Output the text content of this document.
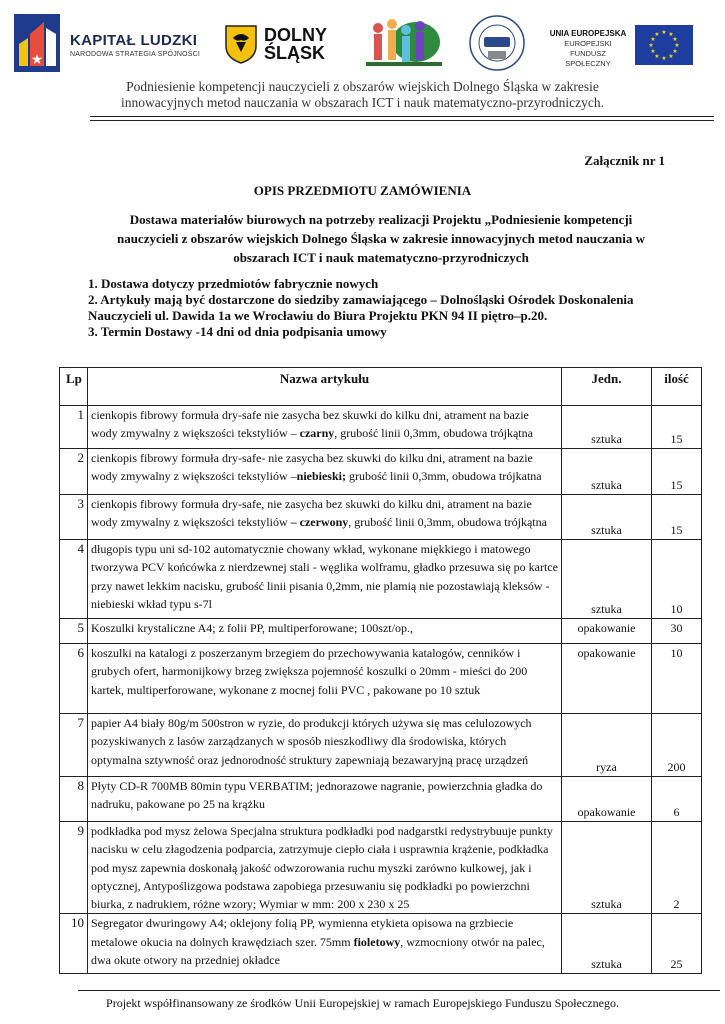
★
KAPITAŁ LUDZKI
NARODOWA STRATEGIA SPÓJNOŚCI
DOLNY
ŚLĄSK
UNIA EUROPEJSKA
EUROPEJSKI
FUNDUSZ SPOŁECZNY
★ ★
★
★
★
★
★
★
★
★
★
★
Podniesienie kompetencji nauczycieli z obszarów wiejskich Dolnego Śląska w zakresie
innowacyjnych metod nauczania w obszarach ICT i nauk matematyczno-przyrodniczych.
Załącznik nr 1
OPIS PRZEDMIOTU ZAMÓWIENIA
Dostawa materiałów biurowych na potrzeby realizacji Projektu „Podniesienie kompetencji nauczycieli z obszarów wiejskich Dolnego Śląska w zakresie innowacyjnych metod nauczania w obszarach ICT i nauk matematyczno-przyrodniczych
1. Dostawa dotyczy przedmiotów fabrycznie nowych
2. Artykuły mają być dostarczone do siedziby zamawiającego – Dolnośląski Ośrodek Doskonalenia Nauczycieli ul. Dawida 1a we Wrocławiu do Biura Projektu PKN 94 II piętro–p.20.
3. Termin Dostawy -14 dni od dnia podpisania umowy
Lp	Nazwa artykułu	Jedn.	ilość
1	cienkopis fibrowy formuła dry-safe nie zasycha bez skuwki do kilku dni, atrament na bazie wody zmywalny z większości tekstyliów – czarny, grubość linii 0,3mm, obudowa trójkątna	sztuka	15
2	cienkopis fibrowy formuła dry-safe- nie zasycha bez skuwki do kilku dni, atrament na bazie wody zmywalny z większości tekstyliów –niebieski; grubość linii 0,3mm, obudowa trójkatna	sztuka	15
3	cienkopis fibrowy formuła dry-safe, nie zasycha bez skuwki do kilku dni, atrament na bazie wody zmywalny z większości tekstyliów – czerwony, grubość linii 0,3mm, obudowa trójkątna	sztuka	15
4	długopis typu uni sd-102 automatycznie chowany wkład, wykonane miękkiego i matowego tworzywa PCV końcówka z nierdzewnej stali - węglika wolframu, gładko przesuwa się po kartce przy nawet lekkim nacisku, grubość linii pisania 0,2mm, nie plamią nie pozostawiają kleksów - niebieski wkład typu s-7l	sztuka	10
5	Koszulki krystaliczne A4; z folii PP, multiperforowane; 100szt/op.,	opakowanie	30
6	koszulki na katalogi z poszerzanym brzegiem do przechowywania katalogów, cenników i grubych ofert, harmonijkowy brzeg zwiększa pojemność koszulki o 20mm - mieści do 200 kartek, multiperforowane, wykonane z mocnej folii PVC , pakowane po 10 sztuk	opakowanie	10
7	papier A4 biały 80g/m 500stron w ryzie, do produkcji których używa się mas celulozowych pozyskiwanych z lasów zarządzanych w sposób nieszkodliwy dla środowiska, których optymalna sztywność oraz jednorodność struktury zapewniają bezawaryjną pracę urządzeń	ryza	200
8	Płyty CD-R 700MB 80min typu VERBATIM; jednorazowe nagranie, powierzchnia gładka do nadruku, pakowane po 25 na krążku	opakowanie	6
9	podkładka pod mysz żelowa Specjalna struktura podkładki pod nadgarstki redystrybuuje punkty nacisku w celu złagodzenia podparcia, zatrzymuje ciepło ciała i usprawnia krążenie, podkładka pod mysz zapewnia doskonałą jakość odwzorowania ruchu myszki zarówno kulkowej, jak i optycznej, Antypoślizgowa podstawa zapobiega przesuwaniu się podkładki po powierzchni biurka, z nadrukiem, różne wzory; Wymiar w mm: 200 x 230 x 25	sztuka	2
10	Segregator dwuringowy A4; oklejony folią PP, wymienna etykieta opisowa na grzbiecie metalowe okucia na dolnych krawędziach szer. 75mm fioletowy, wzmocniony otwór na palec, dwa okute otwory na przedniej okładce	sztuka	25
Projekt współfinansowany ze środków Unii Europejskiej w ramach Europejskiego Funduszu Społecznego.
